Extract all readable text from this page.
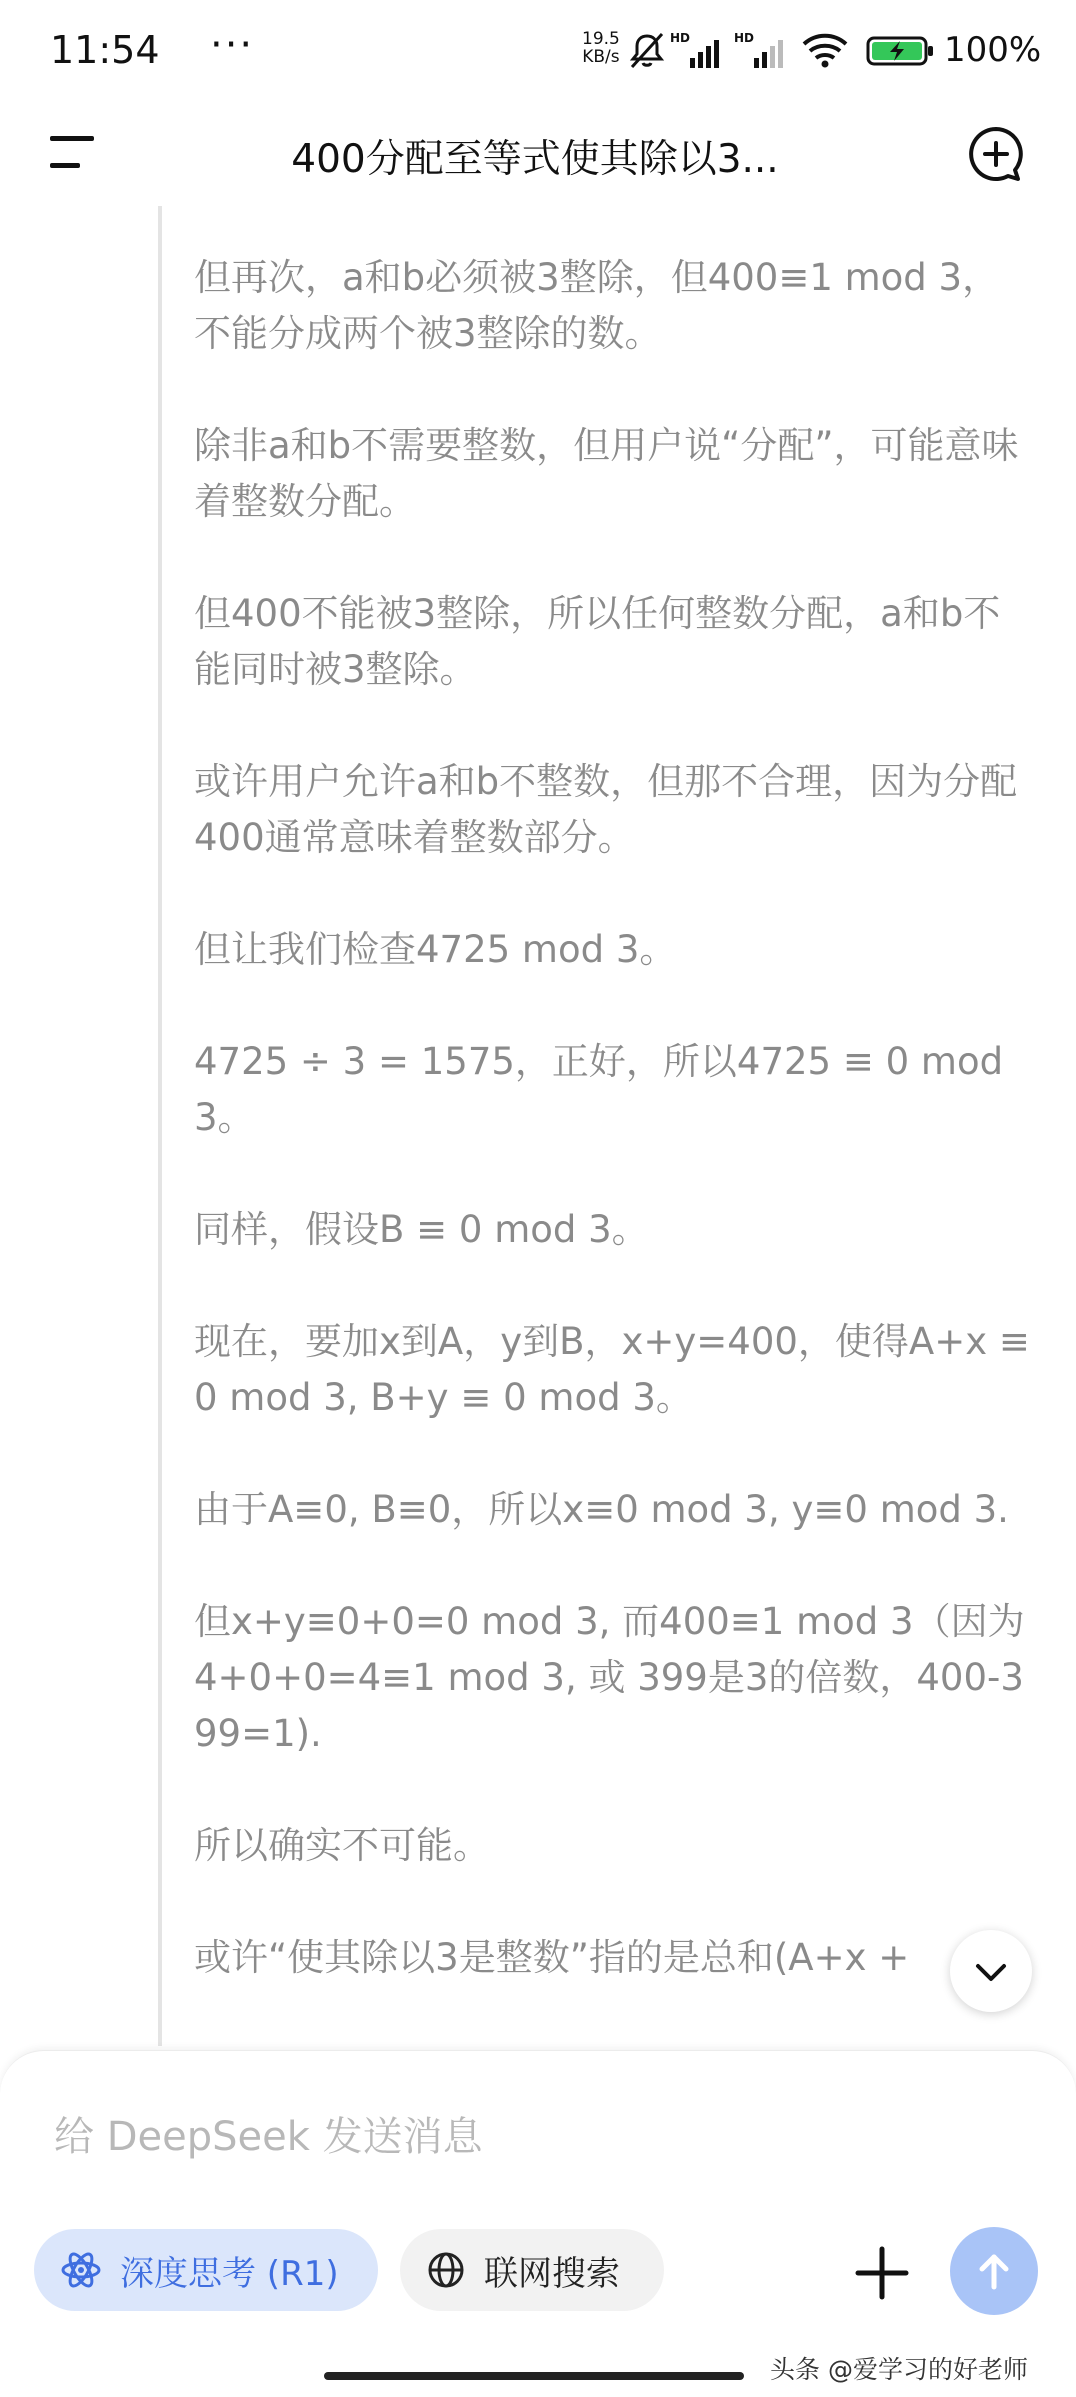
11:54 ···	19.5
KB/s
HD	HD	100%
400分配至等式使其除以3...

但再次，a和b必须被3整除，但400≡1 mod 3，不能分成两个被3整除的数。

除非a和b不需要整数，但用户说“分配”，可能意味着整数分配。

但400不能被3整除，所以任何整数分配，a和b不能同时被3整除。

或许用户允许a和b不整数，但那不合理，因为分配400通常意味着整数部分。

但让我们检查4725 mod 3。

4725 ÷ 3 = 1575，正好，所以4725 ≡ 0 mod 3。

同样，假设B ≡ 0 mod 3。

现在，要加x到A，y到B，x+y=400，使得A+x ≡ 0 mod 3, B+y ≡ 0 mod 3。

由于A≡0, B≡0，所以x≡0 mod 3, y≡0 mod 3.

但x+y≡0+0=0 mod 3, 而400≡1 mod 3（因为4+0+0=4≡1 mod 3, 或 399是3的倍数，400-399=1).

所以确实不可能。

或许“使其除以3是整数”指的是总和(A+x +

给 DeepSeek 发送消息
深度思考 (R1)	联网搜索
头条 @爱学习的好老师
